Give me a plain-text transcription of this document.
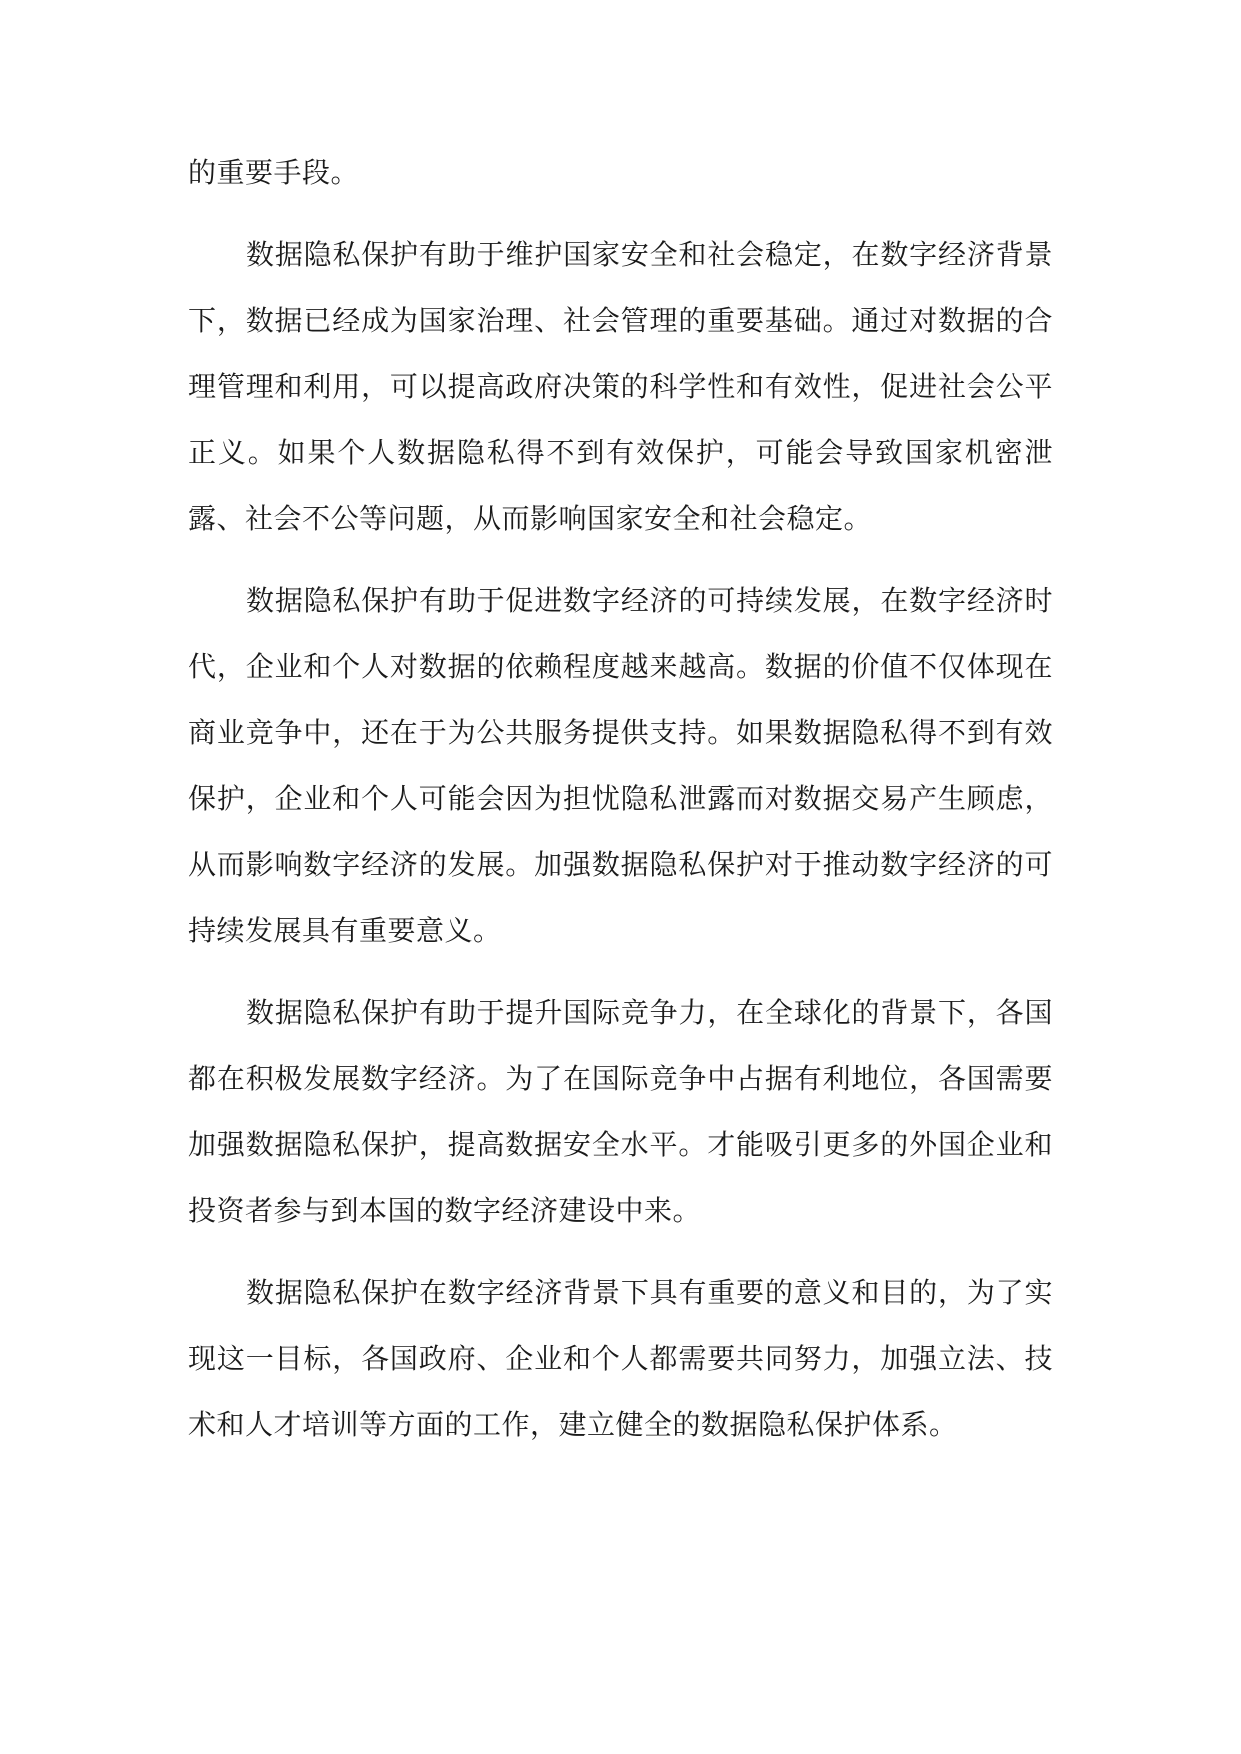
的重要手段。

数据隐私保护有助于维护国家安全和社会稳定，在数字经济背景下，数据已经成为国家治理、社会管理的重要基础。通过对数据的合理管理和利用，可以提高政府决策的科学性和有效性，促进社会公平正义。如果个人数据隐私得不到有效保护，可能会导致国家机密泄露、社会不公等问题，从而影响国家安全和社会稳定。

数据隐私保护有助于促进数字经济的可持续发展，在数字经济时代，企业和个人对数据的依赖程度越来越高。数据的价值不仅体现在商业竞争中，还在于为公共服务提供支持。如果数据隐私得不到有效保护，企业和个人可能会因为担忧隐私泄露而对数据交易产生顾虑，从而影响数字经济的发展。加强数据隐私保护对于推动数字经济的可持续发展具有重要意义。

数据隐私保护有助于提升国际竞争力，在全球化的背景下，各国都在积极发展数字经济。为了在国际竞争中占据有利地位，各国需要加强数据隐私保护，提高数据安全水平。才能吸引更多的外国企业和投资者参与到本国的数字经济建设中来。

数据隐私保护在数字经济背景下具有重要的意义和目的，为了实现这一目标，各国政府、企业和个人都需要共同努力，加强立法、技术和人才培训等方面的工作，建立健全的数据隐私保护体系。
